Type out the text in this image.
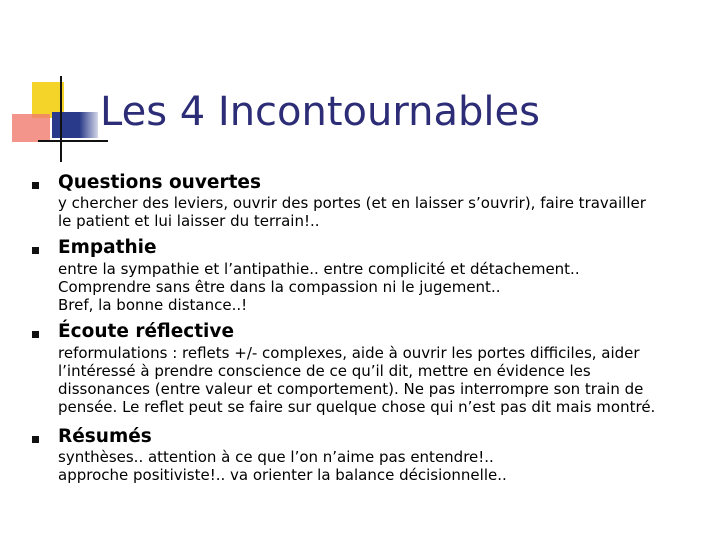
Les 4 Incontournables
Questions ouvertes
y chercher des leviers, ouvrir des portes (et en laisser s’ouvrir), faire travailler
le patient et lui laisser du terrain!..
Empathie
entre la sympathie et l’antipathie.. entre complicité et détachement..
Comprendre sans être dans la compassion ni le jugement..
Bref, la bonne distance..!
Écoute réflective
reformulations : reflets +/- complexes, aide à ouvrir les portes difficiles, aider
l’intéressé à prendre conscience de ce qu’il dit, mettre en évidence les
dissonances (entre valeur et comportement). Ne pas interrompre son train de
pensée. Le reflet peut se faire sur quelque chose qui n’est pas dit mais montré.
Résumés
synthèses.. attention à ce que l’on n’aime pas entendre!..
approche positiviste!.. va orienter la balance décisionnelle..
